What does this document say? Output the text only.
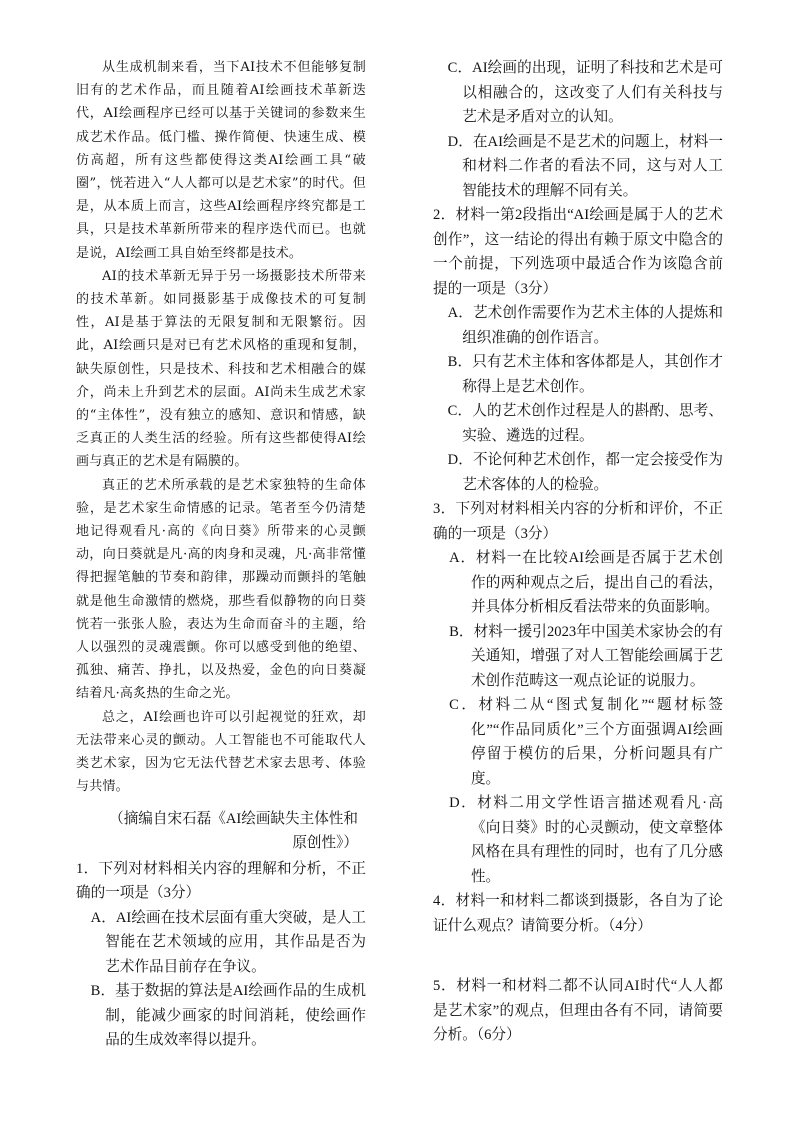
从生成机制来看，当下AI技术不但能够复制旧有的艺术作品，而且随着AI绘画技术革新迭代，AI绘画程序已经可以基于关键词的参数来生成艺术作品。低门槛、操作简便、快速生成、模仿高超，所有这些都使得这类AI绘画工具“破圈”，恍若进入“人人都可以是艺术家”的时代。但是，从本质上而言，这些AI绘画程序终究都是工具，只是技术革新所带来的程序迭代而已。也就是说，AI绘画工具自始至终都是技术。

AI的技术革新无异于另一场摄影技术所带来的技术革新。如同摄影基于成像技术的可复制性，AI是基于算法的无限复制和无限繁衍。因此，AI绘画只是对已有艺术风格的重现和复制，缺失原创性，只是技术、科技和艺术相融合的媒介，尚未上升到艺术的层面。AI尚未生成艺术家的“主体性”，没有独立的感知、意识和情感，缺乏真正的人类生活的经验。所有这些都使得AI绘画与真正的艺术是有隔膜的。

真正的艺术所承载的是艺术家独特的生命体验，是艺术家生命情感的记录。笔者至今仍清楚地记得观看凡·高的《向日葵》所带来的心灵颤动，向日葵就是凡·高的肉身和灵魂，凡·高非常懂得把握笔触的节奏和韵律，那躁动而颤抖的笔触就是他生命激情的燃烧，那些看似静物的向日葵恍若一张张人脸，表达为生命而奋斗的主题，给人以强烈的灵魂震颤。你可以感受到他的绝望、孤独、痛苦、挣扎，以及热爱，金色的向日葵凝结着凡·高炙热的生命之光。

总之，AI绘画也许可以引起视觉的狂欢，却无法带来心灵的颤动。人工智能也不可能取代人类艺术家，因为它无法代替艺术家去思考、体验与共情。

（摘编自宋石磊《AI绘画缺失主体性和
原创性》）

1．下列对材料相关内容的理解和分析，不正确的一项是（3分）

A．AI绘画在技术层面有重大突破，是人工智能在艺术领域的应用，其作品是否为艺术作品目前存在争议。

B．基于数据的算法是AI绘画作品的生成机制，能减少画家的时间消耗，使绘画作品的生成效率得以提升。

C．AI绘画的出现，证明了科技和艺术是可以相融合的，这改变了人们有关科技与艺术是矛盾对立的认知。

D．在AI绘画是不是艺术的问题上，材料一和材料二作者的看法不同，这与对人工智能技术的理解不同有关。

2．材料一第2段指出“AI绘画是属于人的艺术创作”，这一结论的得出有赖于原文中隐含的一个前提，下列选项中最适合作为该隐含前提的一项是（3分）

A．艺术创作需要作为艺术主体的人提炼和组织准确的创作语言。

B．只有艺术主体和客体都是人，其创作才称得上是艺术创作。

C．人的艺术创作过程是人的斟酌、思考、实验、遴选的过程。

D．不论何种艺术创作，都一定会接受作为艺术客体的人的检验。

3．下列对材料相关内容的分析和评价，不正确的一项是（3分）

A．材料一在比较AI绘画是否属于艺术创作的两种观点之后，提出自己的看法，并具体分析相反看法带来的负面影响。

B．材料一援引2023年中国美术家协会的有关通知，增强了对人工智能绘画属于艺术创作范畴这一观点论证的说服力。

C．材料二从“图式复制化”“题材标签化”“作品同质化”三个方面强调AI绘画停留于模仿的后果，分析问题具有广度。

D．材料二用文学性语言描述观看凡·高《向日葵》时的心灵颤动，使文章整体风格在具有理性的同时，也有了几分感性。

4．材料一和材料二都谈到摄影，各自为了论证什么观点？请简要分析。（4分）

5．材料一和材料二都不认同AI时代“人人都是艺术家”的观点，但理由各有不同，请简要分析。（6分）
